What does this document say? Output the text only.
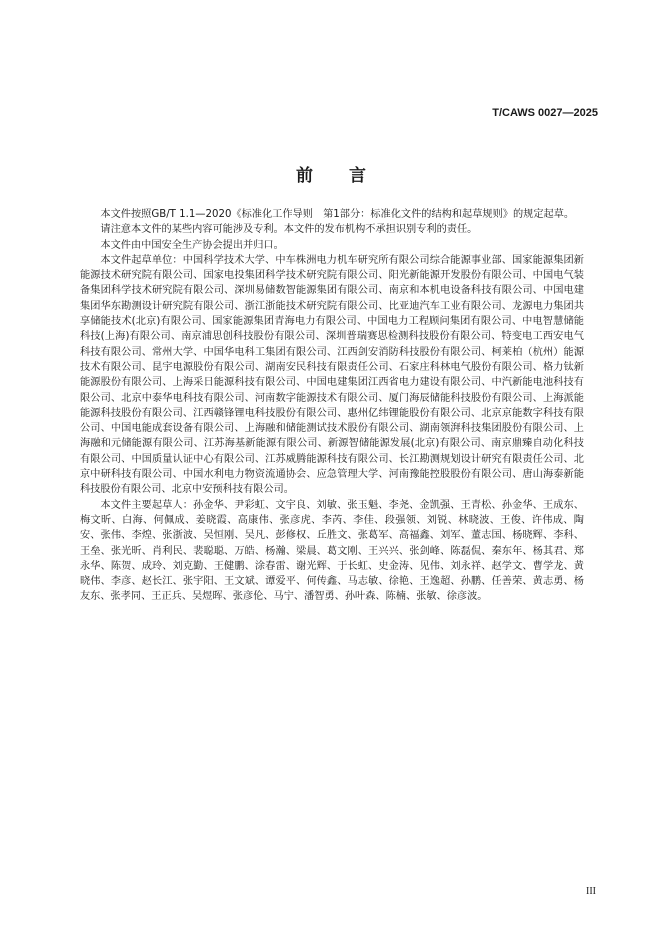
T/CAWS 0027—2025
前言

本文件按照GB/T 1.1—2020《标准化工作导则　第1部分：标准化文件的结构和起草规则》的规定起草。

请注意本文件的某些内容可能涉及专利。本文件的发布机构不承担识别专利的责任。

本文件由中国安全生产协会提出并归口。

本文件起草单位：中国科学技术大学、中车株洲电力机车研究所有限公司综合能源事业部、国家能源集团新能源技术研究院有限公司、国家电投集团科学技术研究院有限公司、阳光新能源开发股份有限公司、中国电气装备集团科学技术研究院有限公司、深圳易储数智能源集团有限公司、南京和本机电设备科技有限公司、中国电建集团华东勘测设计研究院有限公司、浙江浙能技术研究院有限公司、比亚迪汽车工业有限公司、龙源电力集团共享储能技术(北京)有限公司、国家能源集团青海电力有限公司、中国电力工程顾问集团有限公司、中电智慧储能科技(上海)有限公司、南京浦思创科技股份有限公司、深圳普瑞赛思检测科技股份有限公司、特变电工西安电气科技有限公司、常州大学、中国华电科工集团有限公司、江西剑安消防科技股份有限公司、柯莱柏（杭州）能源技术有限公司、昆宇电源股份有限公司、湖南安民科技有限责任公司、石家庄科林电气股份有限公司、格力钛新能源股份有限公司、上海采日能源科技有限公司、中国电建集团江西省电力建设有限公司、中汽新能电池科技有限公司、北京中泰华电科技有限公司、河南数字能源技术有限公司、厦门海辰储能科技股份有限公司、上海派能能源科技股份有限公司、江西赣锋锂电科技股份有限公司、惠州亿纬锂能股份有限公司、北京京能数字科技有限公司、中国电能成套设备有限公司、上海融和储能测试技术股份有限公司、湖南领湃科技集团股份有限公司、上海融和元储能源有限公司、江苏海基新能源有限公司、新源智储能源发展(北京)有限公司、南京鼎臻自动化科技有限公司、中国质量认证中心有限公司、江苏威腾能源科技有限公司、长江勘测规划设计研究有限责任公司、北京中研科技有限公司、中国水利电力物资流通协会、应急管理大学、河南豫能控股股份有限公司、唐山海泰新能科技股份有限公司、北京中安预科技有限公司。

本文件主要起草人：孙金华、尹彩虹、文宇良、刘敏、张玉魁、李尧、金凯强、王青松、孙金华、王成东、梅文昕、白海、何佩成、姜晓霞、高康伟、张彦虎、李芮、李佳、段强领、刘锐、林晓波、王俊、许伟成、陶安、张伟、李煌、张浙波、吴恒刚、吴凡、彭修权、丘胜文、张葛军、高福鑫、刘军、董志国、杨晓辉、李科、王垒、张光昕、肖利民、裴聪聪、万皓、杨瀚、梁晨、葛文刚、王兴兴、张剑峰、陈磊侃、秦东年、杨其君、郑永华、陈贺、成玲、刘克勤、王健鹏、涂春雷、谢光辉、于长虹、史金涛、见伟、刘永祥、赵学文、曹学龙、黄晓伟、李彦、赵长江、张宇阳、王文斌、谭爱平、何传鑫、马志敏、徐艳、王逸超、孙鹏、任善荣、黄志勇、杨友东、张孝同、王正兵、吴煜晖、张彦伦、马宁、潘智勇、孙叶森、陈楠、张敏、徐彦波。

III
